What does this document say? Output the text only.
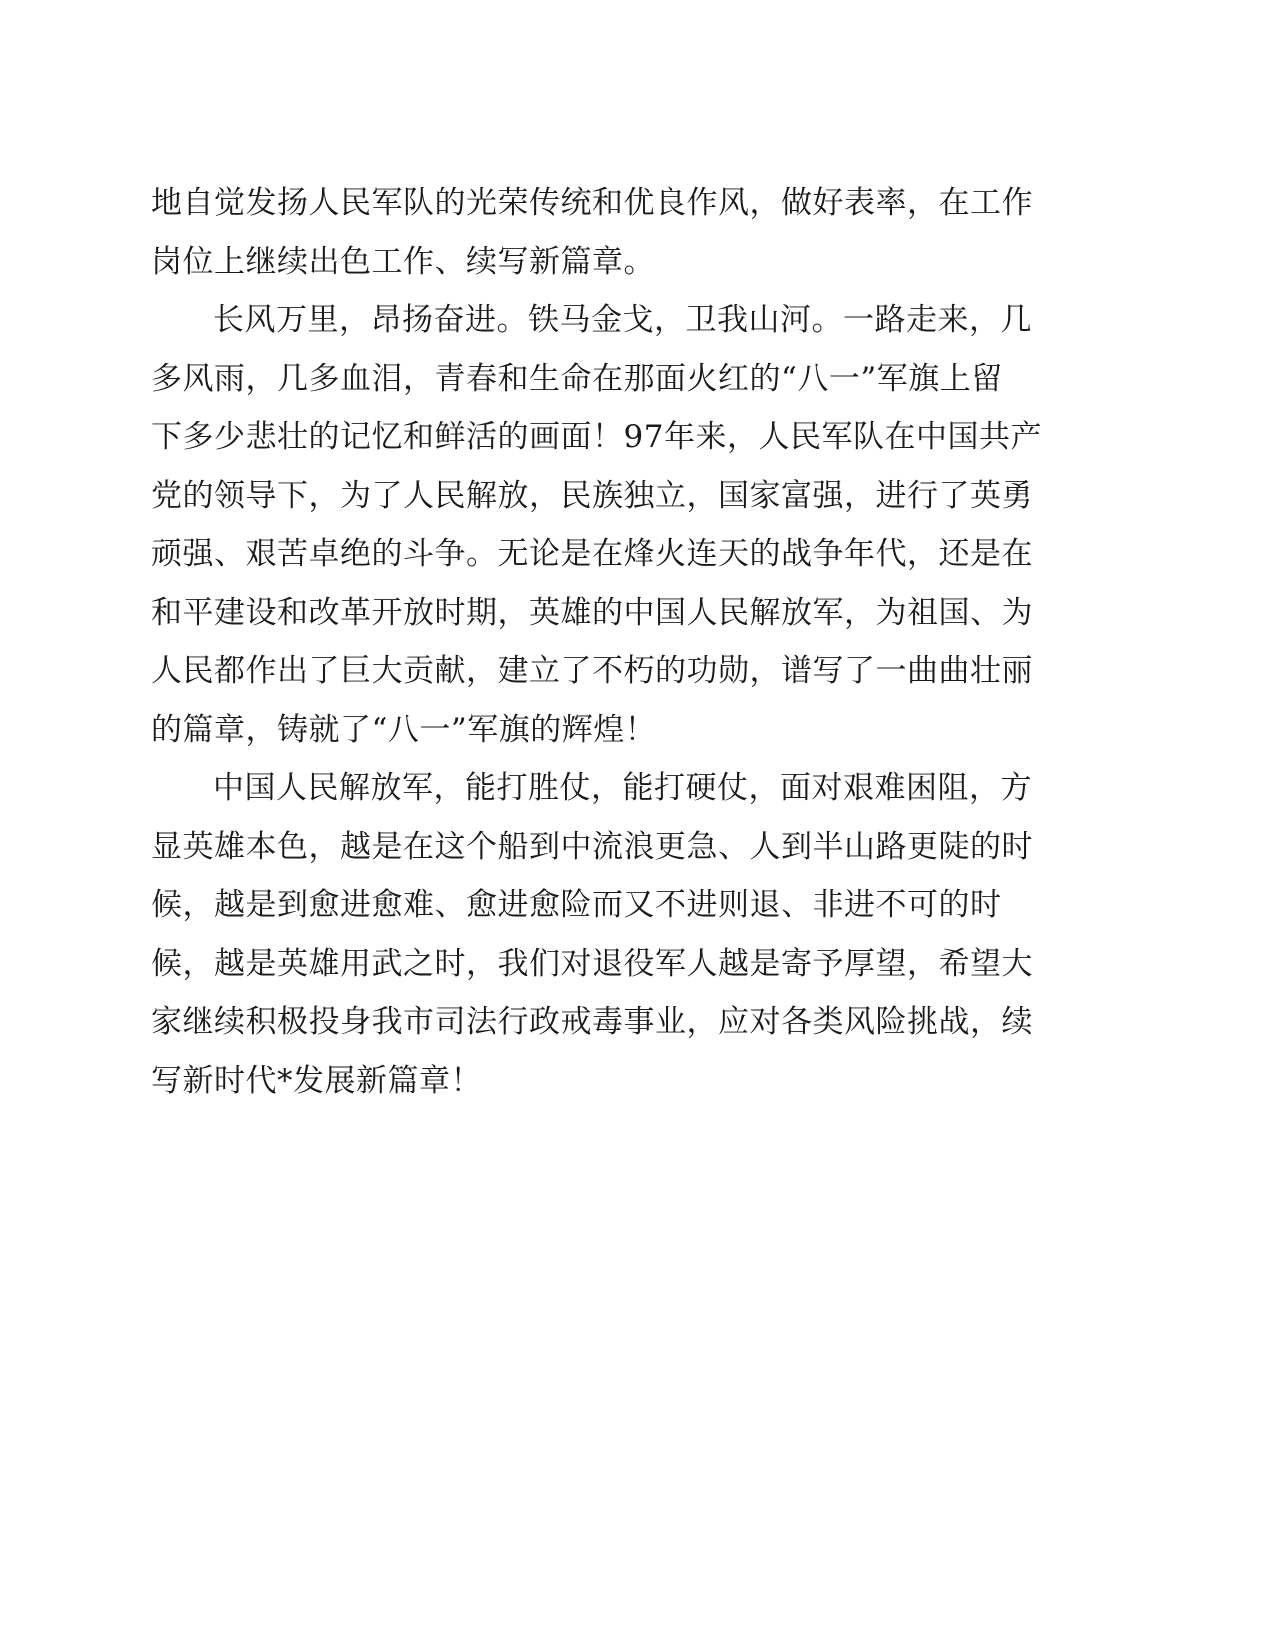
地自觉发扬人民军队的光荣传统和优良作风，做好表率，在工作
岗位上继续出色工作、续写新篇章。
长风万里，昂扬奋进。铁马金戈，卫我山河。一路走来，几
多风雨，几多血泪，青春和生命在那面火红的“八一”军旗上留
下多少悲壮的记忆和鲜活的画面！97年来，人民军队在中国共产
党的领导下，为了人民解放，民族独立，国家富强，进行了英勇
顽强、艰苦卓绝的斗争。无论是在烽火连天的战争年代，还是在
和平建设和改革开放时期，英雄的中国人民解放军，为祖国、为
人民都作出了巨大贡献，建立了不朽的功勋，谱写了一曲曲壮丽
的篇章，铸就了“八一”军旗的辉煌！
中国人民解放军，能打胜仗，能打硬仗，面对艰难困阻，方
显英雄本色，越是在这个船到中流浪更急、人到半山路更陡的时
候，越是到愈进愈难、愈进愈险而又不进则退、非进不可的时
候，越是英雄用武之时，我们对退役军人越是寄予厚望，希望大
家继续积极投身我市司法行政戒毒事业，应对各类风险挑战，续
写新时代*发展新篇章！
